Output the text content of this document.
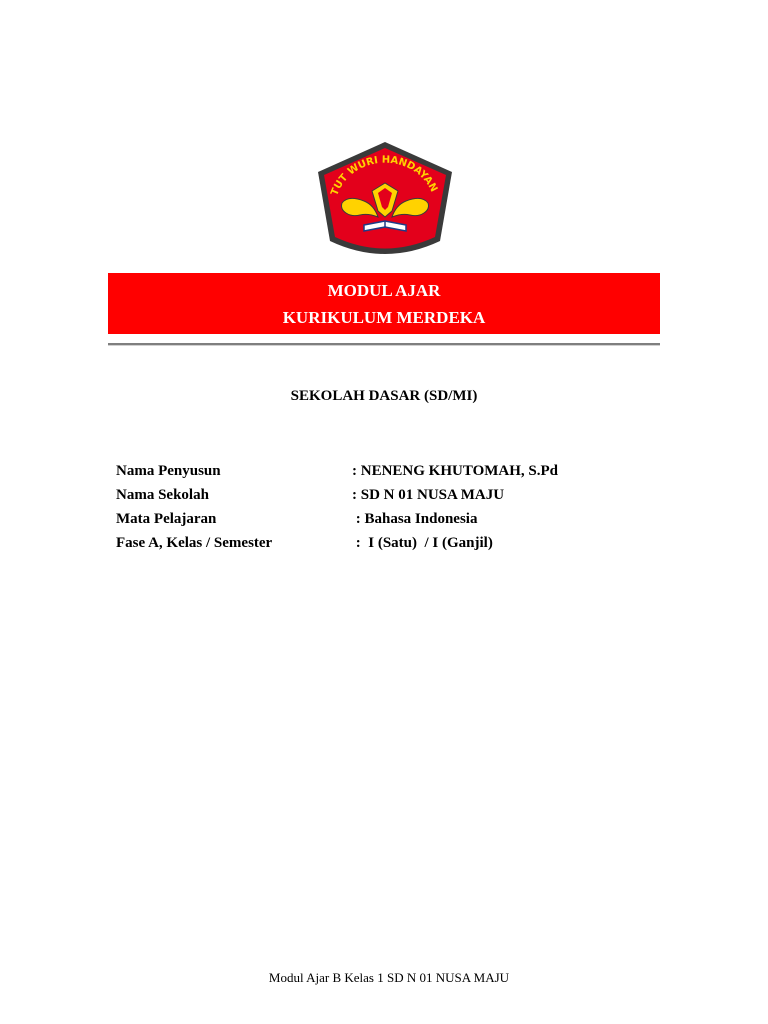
TUT WURI HANDAYAN
MODUL AJAR
KURIKULUM MERDEKA
SEKOLAH DASAR (SD/MI)
Nama Penyusun	: NENENG KHUTOMAH, S.Pd
Nama Sekolah	: SD N 01 NUSA MAJU
Mata Pelajaran	: Bahasa Indonesia
Fase A, Kelas / Semester	:  I (Satu)  / I (Ganjil)
Modul Ajar B Kelas 1 SD N 01 NUSA MAJU
